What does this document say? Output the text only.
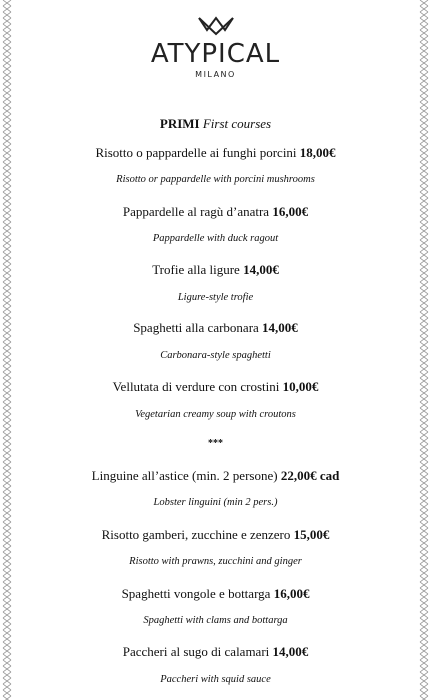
ATYPICAL
MILANO
PRIMI First courses
Risotto o pappardelle ai funghi porcini 18,00€
Risotto or pappardelle with porcini mushrooms
Pappardelle al ragù d’anatra 16,00€
Pappardelle with duck ragout
Trofie alla ligure 14,00€
Ligure-style trofie
Spaghetti alla carbonara 14,00€
Carbonara-style spaghetti
Vellutata di verdure con crostini 10,00€
Vegetarian creamy soup with croutons
***
Linguine all’astice (min. 2 persone) 22,00€ cad
Lobster linguini (min 2 pers.)
Risotto gamberi, zucchine e zenzero 15,00€
Risotto with prawns, zucchini and ginger
Spaghetti vongole e bottarga 16,00€
Spaghetti with clams and bottarga
Paccheri al sugo di calamari 14,00€
Paccheri with squid sauce
